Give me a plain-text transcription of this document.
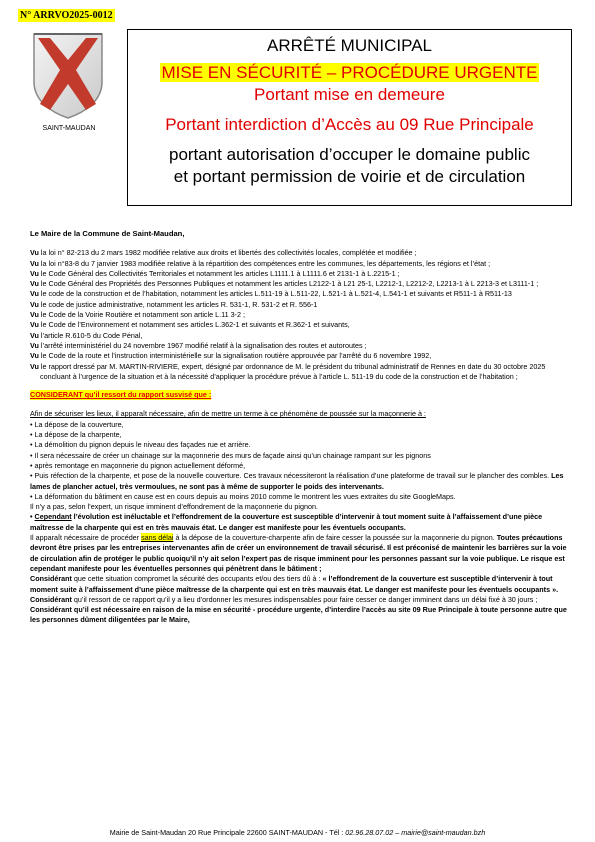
N° ARRVO2025-0012
SAINT-MAUDAN
ARRÊTÉ MUNICIPAL
MISE EN SÉCURITÉ – PROCÉDURE URGENTE
Portant mise en demeure
Portant interdiction d’Accès au 09 Rue Principale
portant autorisation d’occuper le domaine public
et portant permission de voirie et de circulation
Le Maire de la Commune de Saint-Maudan,

Vu la loi n° 82-213 du 2 mars 1982 modifiée relative aux droits et libertés des collectivités locales, complétée et modifiée ;

Vu la loi n°83-8 du 7 janvier 1983 modifiée relative à la répartition des compétences entre les communes, les départements, les régions et l’état ;

Vu le Code Général des Collectivités Territoriales et notamment les articles L1111.1 à L1111.6 et 2131-1 à L.2215-1 ;

Vu le Code Général des Propriétés des Personnes Publiques et notamment les articles L2122-1 à L21 25-1, L2212-1, L2212-2, L2213-1 à L 2213-3 et L3111-1 ;

Vu le code de la construction et de l’habitation, notamment les articles L.511-19 à L.511-22, L.521-1 à L.521-4, L.541-1 et suivants et R511-1 à R511-13

Vu le code de justice administrative, notamment les articles R. 531-1, R. 531-2 et R. 556-1

Vu le Code de la Voirie Routière et notamment son article L.11 3-2 ;

Vu le Code de l’Environnement et notamment ses articles L.362-1 et suivants et R.362-1 et suivants,

Vu l’article R.610-5 du Code Pénal,

Vu l’arrêté interministériel du 24 novembre 1967 modifié relatif à la signalisation des routes et autoroutes ;

Vu le Code de la route et l’instruction interministérielle sur la signalisation routière approuvée par l’arrêté du 6 novembre 1992,

Vu le rapport dressé par M. MARTIN-RIVIERE, expert, désigné par ordonnance de M. le président du tribunal administratif de Rennes en date du 30 octobre 2025 concluant à l’urgence de la situation et à la nécessité d’appliquer la procédure prévue à l’article L. 511-19 du code de la construction et de l’habitation ;

CONSIDERANT qu’il ressort du rapport susvisé que :

Afin de sécuriser les lieux, il apparaît nécessaire, afin de mettre un terme à ce phénomène de poussée sur la maçonnerie à :

• La dépose de la couverture,

• La dépose de la charpente,

• La démolition du pignon depuis le niveau des façades rue et arrière.

• Il sera nécessaire de créer un chainage sur la maçonnerie des murs de façade ainsi qu’un chainage rampant sur les pignons

• après remontage en maçonnerie du pignon actuellement déformé,

• Puis réfection de la charpente, et pose de la nouvelle couverture. Ces travaux nécessiteront la réalisation d’une plateforme de travail sur le plancher des combles. Les lames de plancher actuel, très vermoulues, ne sont pas à même de supporter le poids des intervenants.

• La déformation du bâtiment en cause est en cours depuis au moins 2010 comme le montrent les vues extraites du site GoogleMaps.

Il n’y a pas, selon l’expert, un risque imminent d’effondrement de la maçonnerie du pignon.

• Cependant l’évolution est inéluctable et l’effondrement de la couverture est susceptible d’intervenir à tout moment suite à l’affaissement d’une pièce maîtresse de la charpente qui est en très mauvais état. Le danger est manifeste pour les éventuels occupants.

Il apparaît nécessaire de procéder sans délai à la dépose de la couverture-charpente afin de faire cesser la poussée sur la maçonnerie du pignon. Toutes précautions devront être prises par les entreprises intervenantes afin de créer un environnement de travail sécurisé. Il est préconisé de maintenir les barrières sur la voie de circulation afin de protéger le public quoiqu’il n’y ait selon l’expert pas de risque imminent pour les personnes passant sur la voie publique. Le risque est cependant manifeste pour les éventuelles personnes qui pénètrent dans le bâtiment ;

Considérant que cette situation compromet la sécurité des occupants et/ou des tiers dû à : « l’effondrement de la couverture est susceptible d’intervenir à tout moment suite à l’affaissement d’une pièce maîtresse de la charpente qui est en très mauvais état. Le danger est manifeste pour les éventuels occupants ».

Considérant qu’il ressort de ce rapport qu’il y a lieu d’ordonner les mesures indispensables pour faire cesser ce danger imminent dans un délai fixé à 30 jours ;

Considérant qu’il est nécessaire en raison de la mise en sécurité - procédure urgente, d’interdire l’accès au site 09 Rue Principale à toute personne autre que les personnes dûment diligentées par le Maire,

Mairie de Saint-Maudan 20 Rue Principale 22600 SAINT-MAUDAN - Tél : 02.96.28.07.02 – mairie@saint-maudan.bzh
